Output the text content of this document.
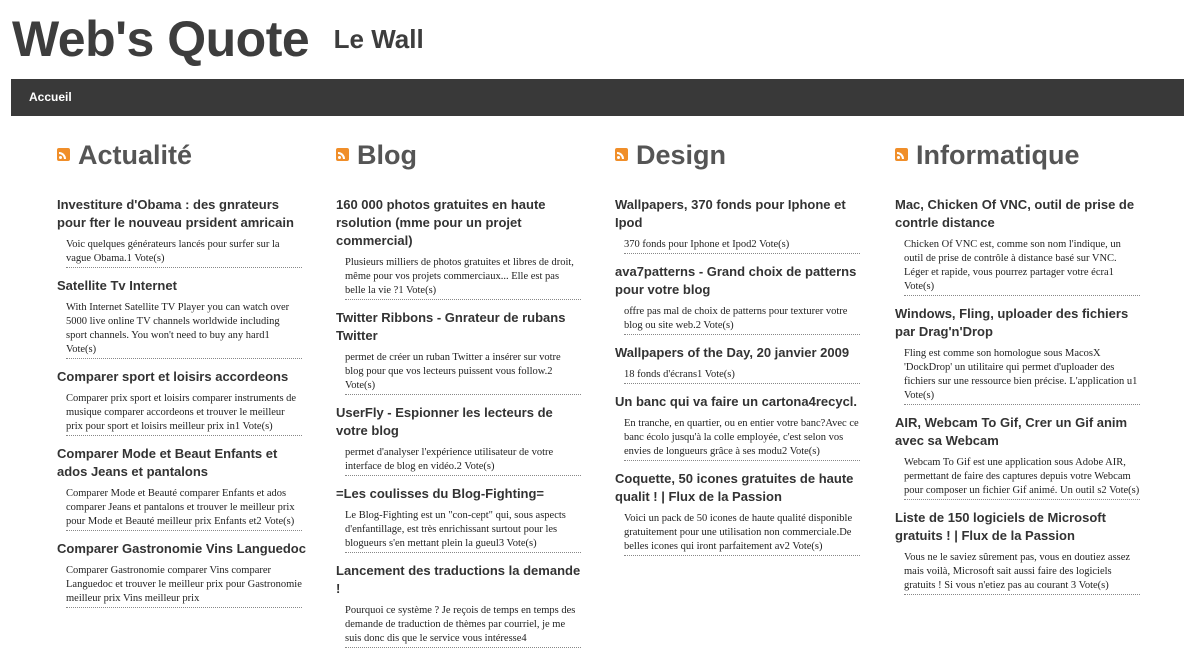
Web's Quote Le Wall
Accueil
Actualité
Investiture d'Obama : des gnrateurs pour fter le nouveau prsident amricain
Voic quelques générateurs lancés pour surfer sur la vague Obama.1 Vote(s)
Satellite Tv Internet
With Internet Satellite TV Player you can watch over 5000 live online TV channels worldwide including sport channels. You won't need to buy any hard1 Vote(s)
Comparer sport et loisirs accordeons
Comparer prix sport et loisirs comparer instruments de musique comparer accordeons et trouver le meilleur prix pour sport et loisirs meilleur prix in1 Vote(s)
Comparer Mode et Beaut Enfants et ados Jeans et pantalons
Comparer Mode et Beauté comparer Enfants et ados comparer Jeans et pantalons et trouver le meilleur prix pour Mode et Beauté meilleur prix Enfants et2 Vote(s)
Comparer Gastronomie Vins Languedoc
Comparer Gastronomie comparer Vins comparer Languedoc et trouver le meilleur prix pour Gastronomie meilleur prix Vins meilleur prix
Blog
160 000 photos gratuites en haute rsolution (mme pour un projet commercial)
Plusieurs milliers de photos gratuites et libres de droit, même pour vos projets commerciaux... Elle est pas belle la vie ?1 Vote(s)
Twitter Ribbons - Gnrateur de rubans Twitter
permet de créer un ruban Twitter a insérer sur votre blog pour que vos lecteurs puissent vous follow.2 Vote(s)
UserFly - Espionner les lecteurs de votre blog
permet d'analyser l'expérience utilisateur de votre interface de blog en vidéo.2 Vote(s)
=Les coulisses du Blog-Fighting=
Le Blog-Fighting est un "con-cept" qui, sous aspects d'enfantillage, est très enrichissant surtout pour les blogueurs s'en mettant plein la gueul3 Vote(s)
Lancement des traductions la demande !
Pourquoi ce système ? Je reçois de temps en temps des demande de traduction de thèmes par courriel, je me suis donc dis que le service vous intéresse4
Design
Wallpapers, 370 fonds pour Iphone et Ipod
370 fonds pour Iphone et Ipod2 Vote(s)
ava7patterns - Grand choix de patterns pour votre blog
offre pas mal de choix de patterns pour texturer votre blog ou site web.2 Vote(s)
Wallpapers of the Day, 20 janvier 2009
18 fonds d'écrans1 Vote(s)
Un banc qui va faire un cartona4recycl.
En tranche, en quartier, ou en entier votre banc?Avec ce banc écolo jusqu'à la colle employée, c'est selon vos envies de longueurs grâce à ses modu2 Vote(s)
Coquette, 50 icones gratuites de haute qualit ! | Flux de la Passion
Voici un pack de 50 icones de haute qualité disponible gratuitement pour une utilisation non commerciale.De belles icones qui iront parfaitement av2 Vote(s)
Informatique
Mac, Chicken Of VNC, outil de prise de contrle distance
Chicken Of VNC est, comme son nom l'indique, un outil de prise de contrôle à distance basé sur VNC. Léger et rapide, vous pourrez partager votre écra1 Vote(s)
Windows, Fling, uploader des fichiers par Drag'n'Drop
Fling est comme son homologue sous MacosX 'DockDrop' un utilitaire qui permet d'uploader des fichiers sur une ressource bien précise. L'application u1 Vote(s)
AIR, Webcam To Gif, Crer un Gif anim avec sa Webcam
Webcam To Gif est une application sous Adobe AIR, permettant de faire des captures depuis votre Webcam pour composer un fichier Gif animé. Un outil s2 Vote(s)
Liste de 150 logiciels de Microsoft gratuits ! | Flux de la Passion
Vous ne le saviez sûrement pas, vous en doutiez assez mais voilà, Microsoft sait aussi faire des logiciels gratuits ! Si vous n'etiez pas au courant 3 Vote(s)
